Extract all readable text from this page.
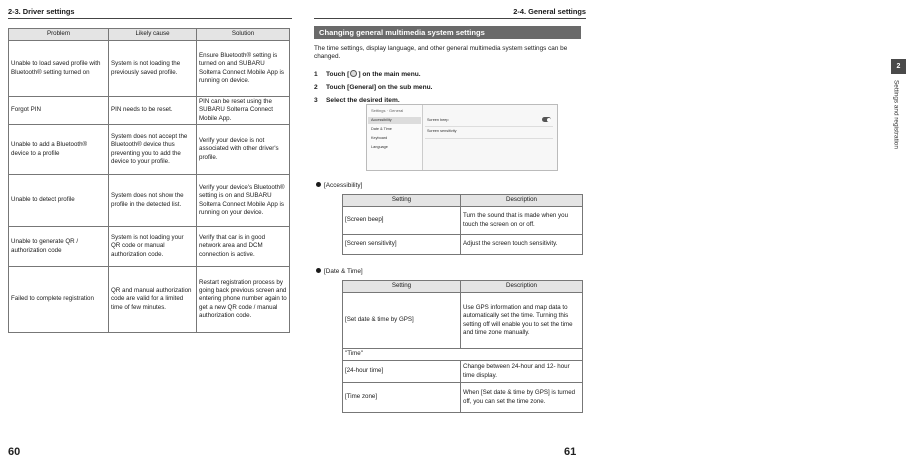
2-3. Driver settings
Problem	Likely cause	Solution
Unable to load saved profile with Bluetooth® setting turned on	System is not loading the previously saved profile.	Ensure Bluetooth® setting is turned on and SUBARU Solterra Connect Mobile App is running on device.
Forgot PIN	PIN needs to be reset.	PIN can be reset using the SUBARU Solterra Connect Mobile App.
Unable to add a Bluetooth® device to a profile	System does not accept the Bluetooth® device thus preventing you to add the device to your profile.	Verify your device is not associated with other driver's profile.
Unable to detect profile	System does not show the profile in the detected list.	Verify your device's Bluetooth® setting is on and SUBARU Solterra Connect Mobile App is running on your device.
Unable to generate QR / authorization code	System is not loading your QR code or manual authorization code.	Verify that car is in good network area and DCM connection is active.
Failed to complete registration	QR and manual authorization code are valid for a limited time of few minutes.	Restart registration process by going back previous screen and entering phone number again to get a new QR code / manual authorization code.
60
2-4. General settings
Changing general multimedia system settings
The time settings, display language, and other general multimedia system settings can be changed.
1 Touch [ ] on the main menu.
2 Touch [General] on the sub menu.
3 Select the desired item.
Settings · General
Accessibility
Date & Time
Keyboard
Language
Screen beep
Screen sensitivity
[Accessibility]
[Date & Time]
2
Settings and registration
Setting	Description
[Screen beep]	Turn the sound that is made when you touch the screen on or off.
[Screen sensitivity]	Adjust the screen touch sensitivity.
Setting	Description
[Set date & time by GPS]	Use GPS information and map data to automatically set the time. Turning this setting off will enable you to set the time and time zone manually.
"Time"	
[24-hour time]	Change between 24-hour and 12- hour time display.
[Time zone]	When [Set date & time by GPS] is turned off, you can set the time zone.
61
